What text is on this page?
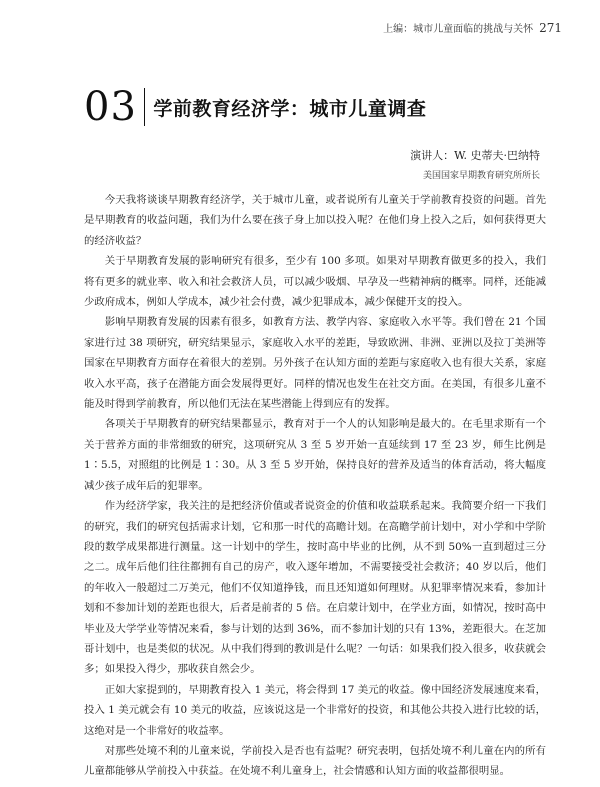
上编：城市儿童面临的挑战与关怀 271
03 学前教育经济学：城市儿童调查
演讲人：W. 史蒂夫·巴纳特
美国国家早期教育研究所所长

今天我将谈谈早期教育经济学，关于城市儿童，或者说所有儿童关于学前教育投资的问题。首先是早期教育的收益问题，我们为什么要在孩子身上加以投入呢？在他们身上投入之后，如何获得更大的经济收益？

关于早期教育发展的影响研究有很多，至少有 100 多项。如果对早期教育做更多的投入，我们将有更多的就业率、收入和社会救济人员，可以减少吸烟、早孕及一些精神病的概率。同样，还能减少政府成本，例如人学成本，减少社会付费，减少犯罪成本，减少保健开支的投入。

影响早期教育发展的因素有很多，如教育方法、教学内容、家庭收入水平等。我们曾在 21 个国家进行过 38 项研究，研究结果显示，家庭收入水平的差距，导致欧洲、非洲、亚洲以及拉丁美洲等国家在早期教育方面存在着很大的差别。另外孩子在认知方面的差距与家庭收入也有很大关系，家庭收入水平高，孩子在潜能方面会发展得更好。同样的情况也发生在社交方面。在美国，有很多儿童不能及时得到学前教育，所以他们无法在某些潜能上得到应有的发挥。

各项关于早期教育的研究结果都显示，教育对于一个人的认知影响是最大的。在毛里求斯有一个关于营养方面的非常细致的研究，这项研究从 3 至 5 岁开始一直延续到 17 至 23 岁，师生比例是 1∶5.5，对照组的比例是 1∶30。从 3 至 5 岁开始，保持良好的营养及适当的体育活动，将大幅度减少孩子成年后的犯罪率。

作为经济学家，我关注的是把经济价值或者说资金的价值和收益联系起来。我简要介绍一下我们的研究，我们的研究包括需求计划，它和那一时代的高瞻计划。在高瞻学前计划中，对小学和中学阶段的数学成果都进行测量。这一计划中的学生，按时高中毕业的比例，从不到 50%一直到超过三分之二。成年后他们往往都拥有自己的房产，收入逐年增加，不需要接受社会救济；40 岁以后，他们的年收入一般超过二万美元，他们不仅知道挣钱，而且还知道如何理财。从犯罪率情况来看，参加计划和不参加计划的差距也很大，后者是前者的 5 倍。在启蒙计划中，在学业方面，如情况，按时高中毕业及大学学业等情况来看，参与计划的达到 36%，而不参加计划的只有 13%，差距很大。在芝加哥计划中，也是类似的状况。从中我们得到的教训是什么呢？一句话：如果我们投入很多，收获就会多；如果投入得少，那收获自然会少。

正如大家提到的，早期教育投入 1 美元，将会得到 17 美元的收益。像中国经济发展速度来看，投入 1 美元就会有 10 美元的收益，应该说这是一个非常好的投资，和其他公共投入进行比较的话，这绝对是一个非常好的收益率。

对那些处境不利的儿童来说，学前投入是否也有益呢？研究表明，包括处境不利儿童在内的所有儿童都能够从学前投入中获益。在处境不利儿童身上，社会情感和认知方面的收益都很明显。
